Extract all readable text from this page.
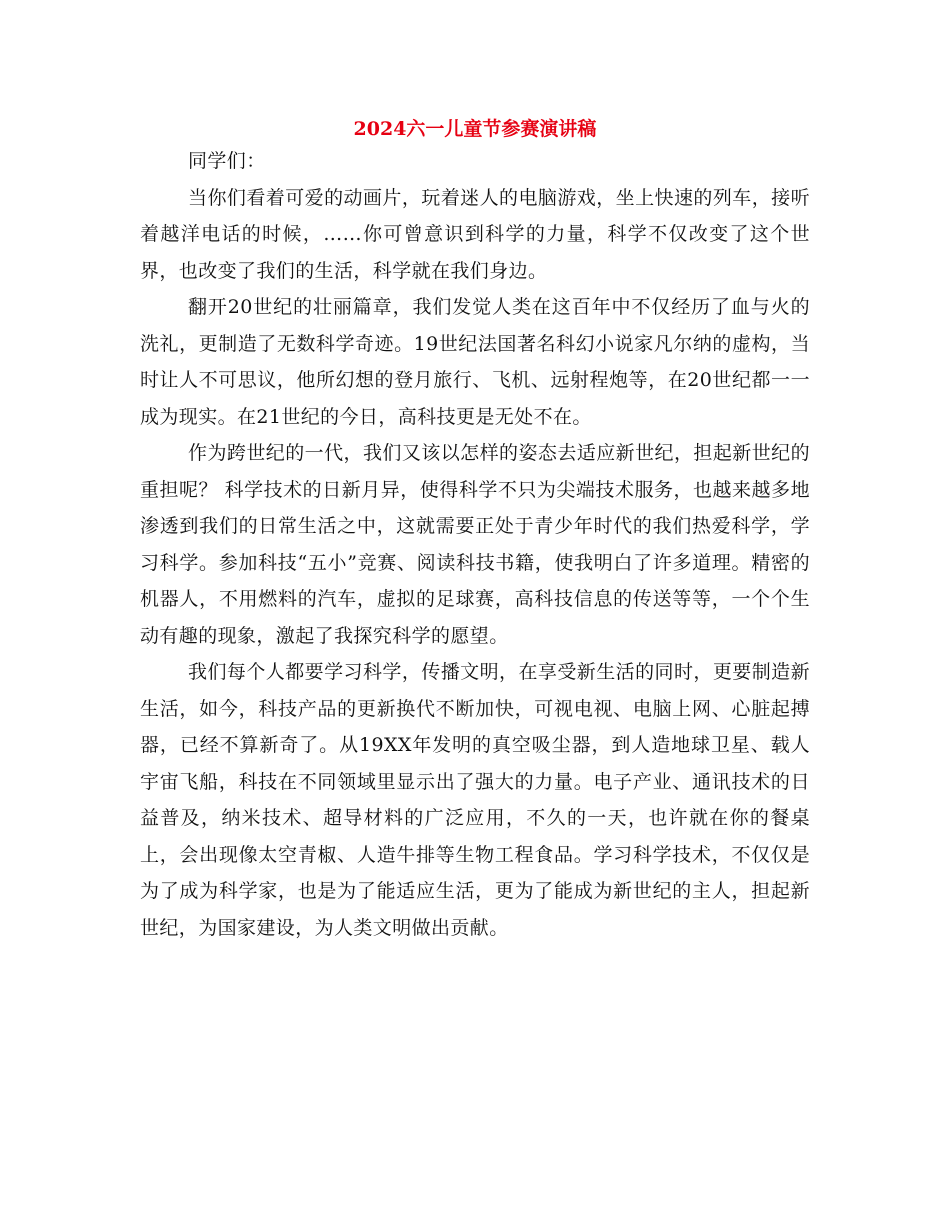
2024六一儿童节参赛演讲稿

同学们：

当你们看着可爱的动画片，玩着迷人的电脑游戏，坐上快速的列车，接听着越洋电话的时候，……你可曾意识到科学的力量，科学不仅改变了这个世界，也改变了我们的生活，科学就在我们身边。

翻开20世纪的壮丽篇章，我们发觉人类在这百年中不仅经历了血与火的洗礼，更制造了无数科学奇迹。19世纪法国著名科幻小说家凡尔纳的虚构，当时让人不可思议，他所幻想的登月旅行、飞机、远射程炮等，在20世纪都一一成为现实。在21世纪的今日，高科技更是无处不在。

作为跨世纪的一代，我们又该以怎样的姿态去适应新世纪，担起新世纪的重担呢？ 科学技术的日新月异，使得科学不只为尖端技术服务，也越来越多地渗透到我们的日常生活之中，这就需要正处于青少年时代的我们热爱科学，学习科学。参加科技“五小”竞赛、阅读科技书籍，使我明白了许多道理。精密的机器人，不用燃料的汽车，虚拟的足球赛，高科技信息的传送等等，一个个生动有趣的现象，激起了我探究科学的愿望。

我们每个人都要学习科学，传播文明，在享受新生活的同时，更要制造新生活，如今，科技产品的更新换代不断加快，可视电视、电脑上网、心脏起搏器，已经不算新奇了。从19XX年发明的真空吸尘器，到人造地球卫星、载人宇宙飞船，科技在不同领域里显示出了强大的力量。电子产业、通讯技术的日益普及，纳米技术、超导材料的广泛应用，不久的一天，也许就在你的餐桌上，会出现像太空青椒、人造牛排等生物工程食品。学习科学技术，不仅仅是为了成为科学家，也是为了能适应生活，更为了能成为新世纪的主人，担起新世纪，为国家建设，为人类文明做出贡献。
